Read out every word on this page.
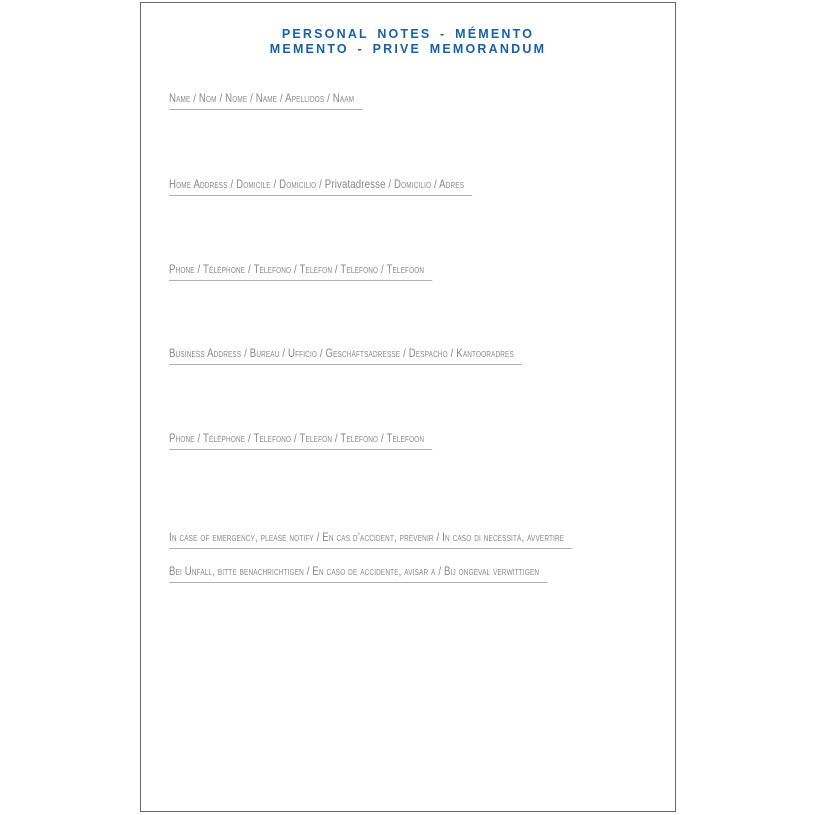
PERSONAL NOTES - MÉMENTO
MEMENTO - PRIVE MEMORANDUM
Name / Nom / Nome / Name / Apellidos / Naam
Home Address / Domicile / Domicilio / Privatadresse / Domicilio / Adres
Phone / Téléphone / Telefono / Telefon / Teléfono / Telefoon
Business Address / Bureau / Ufficio / Geschäftsadresse / Despacho / Kantooradres
Phone / Téléphone / Telefono / Telefon / Teléfono / Telefoon
In case of emergency, please notify / En cas d’accident, prévenir / In caso di necessità, avvertire
Bei Unfall, bitte benachrichtigen / En caso de accidente, avisar a / Bij ongeval verwittigen
